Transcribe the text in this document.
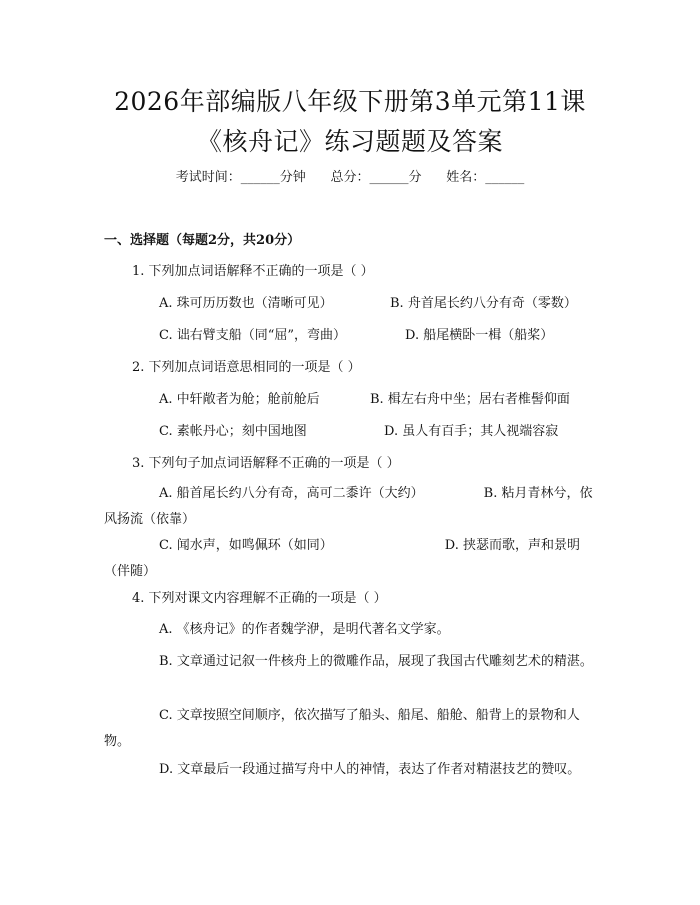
2026年部编版八年级下册第3单元第11课
《核舟记》练习题题及答案
考试时间：______分钟      总分：______分      姓名：______
一、选择题（每题2分，共20分）
1. 下列加点词语解释不正确的一项是（ ）
A. 珠可历历数也（清晰可见）	B. 舟首尾长约八分有奇（零数）
C. 诎右臂支船（同“屈”，弯曲）	D. 船尾横卧一楫（船桨）
2. 下列加点词语意思相同的一项是（ ）
A. 中轩敞者为舱；舱前舱后	B. 楫左右舟中坐；居右者椎髻仰面
C. 素帐丹心；刻中国地图	D. 虽人有百手；其人视端容寂
3. 下列句子加点词语解释不正确的一项是（ ）
A. 船首尾长约八分有奇，高可二黍许（大约）	B. 粘月青林兮，依风扬流（依靠）
C. 闻水声，如鸣佩环（如同）	D. 挟瑟而歌，声和景明（伴随）
4. 下列对课文内容理解不正确的一项是（ ）
A. 《核舟记》的作者魏学洢，是明代著名文学家。
B. 文章通过记叙一件核舟上的微雕作品，展现了我国古代雕刻艺术的精湛。
C. 文章按照空间顺序，依次描写了船头、船尾、船舱、船背上的景物和人物。
D. 文章最后一段通过描写舟中人的神情，表达了作者对精湛技艺的赞叹。
